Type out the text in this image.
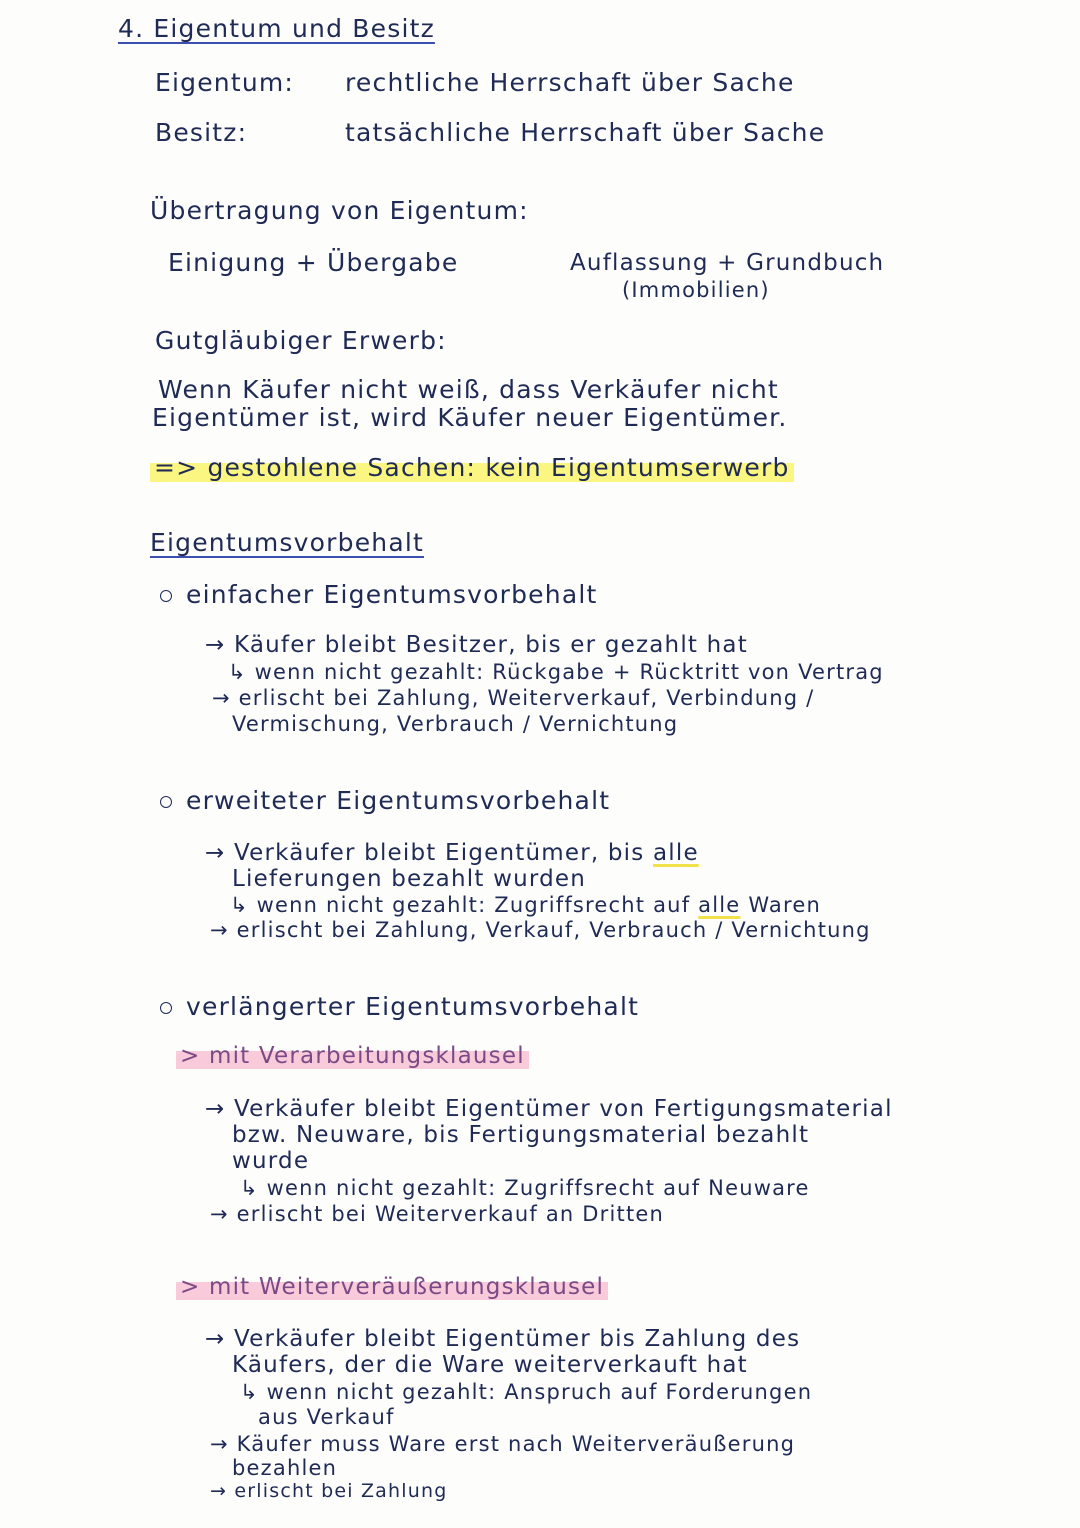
4. Eigentum und Besitz
Eigentum: rechtliche Herrschaft über Sache
Besitz:	tatsächliche Herrschaft über Sache
Übertragung von Eigentum:
Einigung + Übergabe	Auflassung + Grundbuch
(Immobilien)
Gutgläubiger Erwerb:
Wenn Käufer nicht weiß, dass Verkäufer nicht
Eigentümer ist, wird Käufer neuer Eigentümer.
=> gestohlene Sachen: kein Eigentumserwerb
Eigentumsvorbehalt
einfacher Eigentumsvorbehalt
→ Käufer bleibt Besitzer, bis er gezahlt hat
↳ wenn nicht gezahlt: Rückgabe + Rücktritt von Vertrag
→ erlischt bei Zahlung, Weiterverkauf, Verbindung /
Vermischung, Verbrauch / Vernichtung
erweiteter Eigentumsvorbehalt
→ Verkäufer bleibt Eigentümer, bis alle
Lieferungen bezahlt wurden
↳ wenn nicht gezahlt: Zugriffsrecht auf alle Waren
→ erlischt bei Zahlung, Verkauf, Verbrauch / Vernichtung
verlängerter Eigentumsvorbehalt
> mit Verarbeitungsklausel
→ Verkäufer bleibt Eigentümer von Fertigungsmaterial
bzw. Neuware, bis Fertigungsmaterial bezahlt
wurde
↳ wenn nicht gezahlt: Zugriffsrecht auf Neuware
→ erlischt bei Weiterverkauf an Dritten
> mit Weiterveräußerungsklausel
→ Verkäufer bleibt Eigentümer bis Zahlung des
Käufers, der die Ware weiterverkauft hat
↳ wenn nicht gezahlt: Anspruch auf Forderungen
aus Verkauf
→ Käufer muss Ware erst nach Weiterveräußerung
bezahlen
→ erlischt bei Zahlung
